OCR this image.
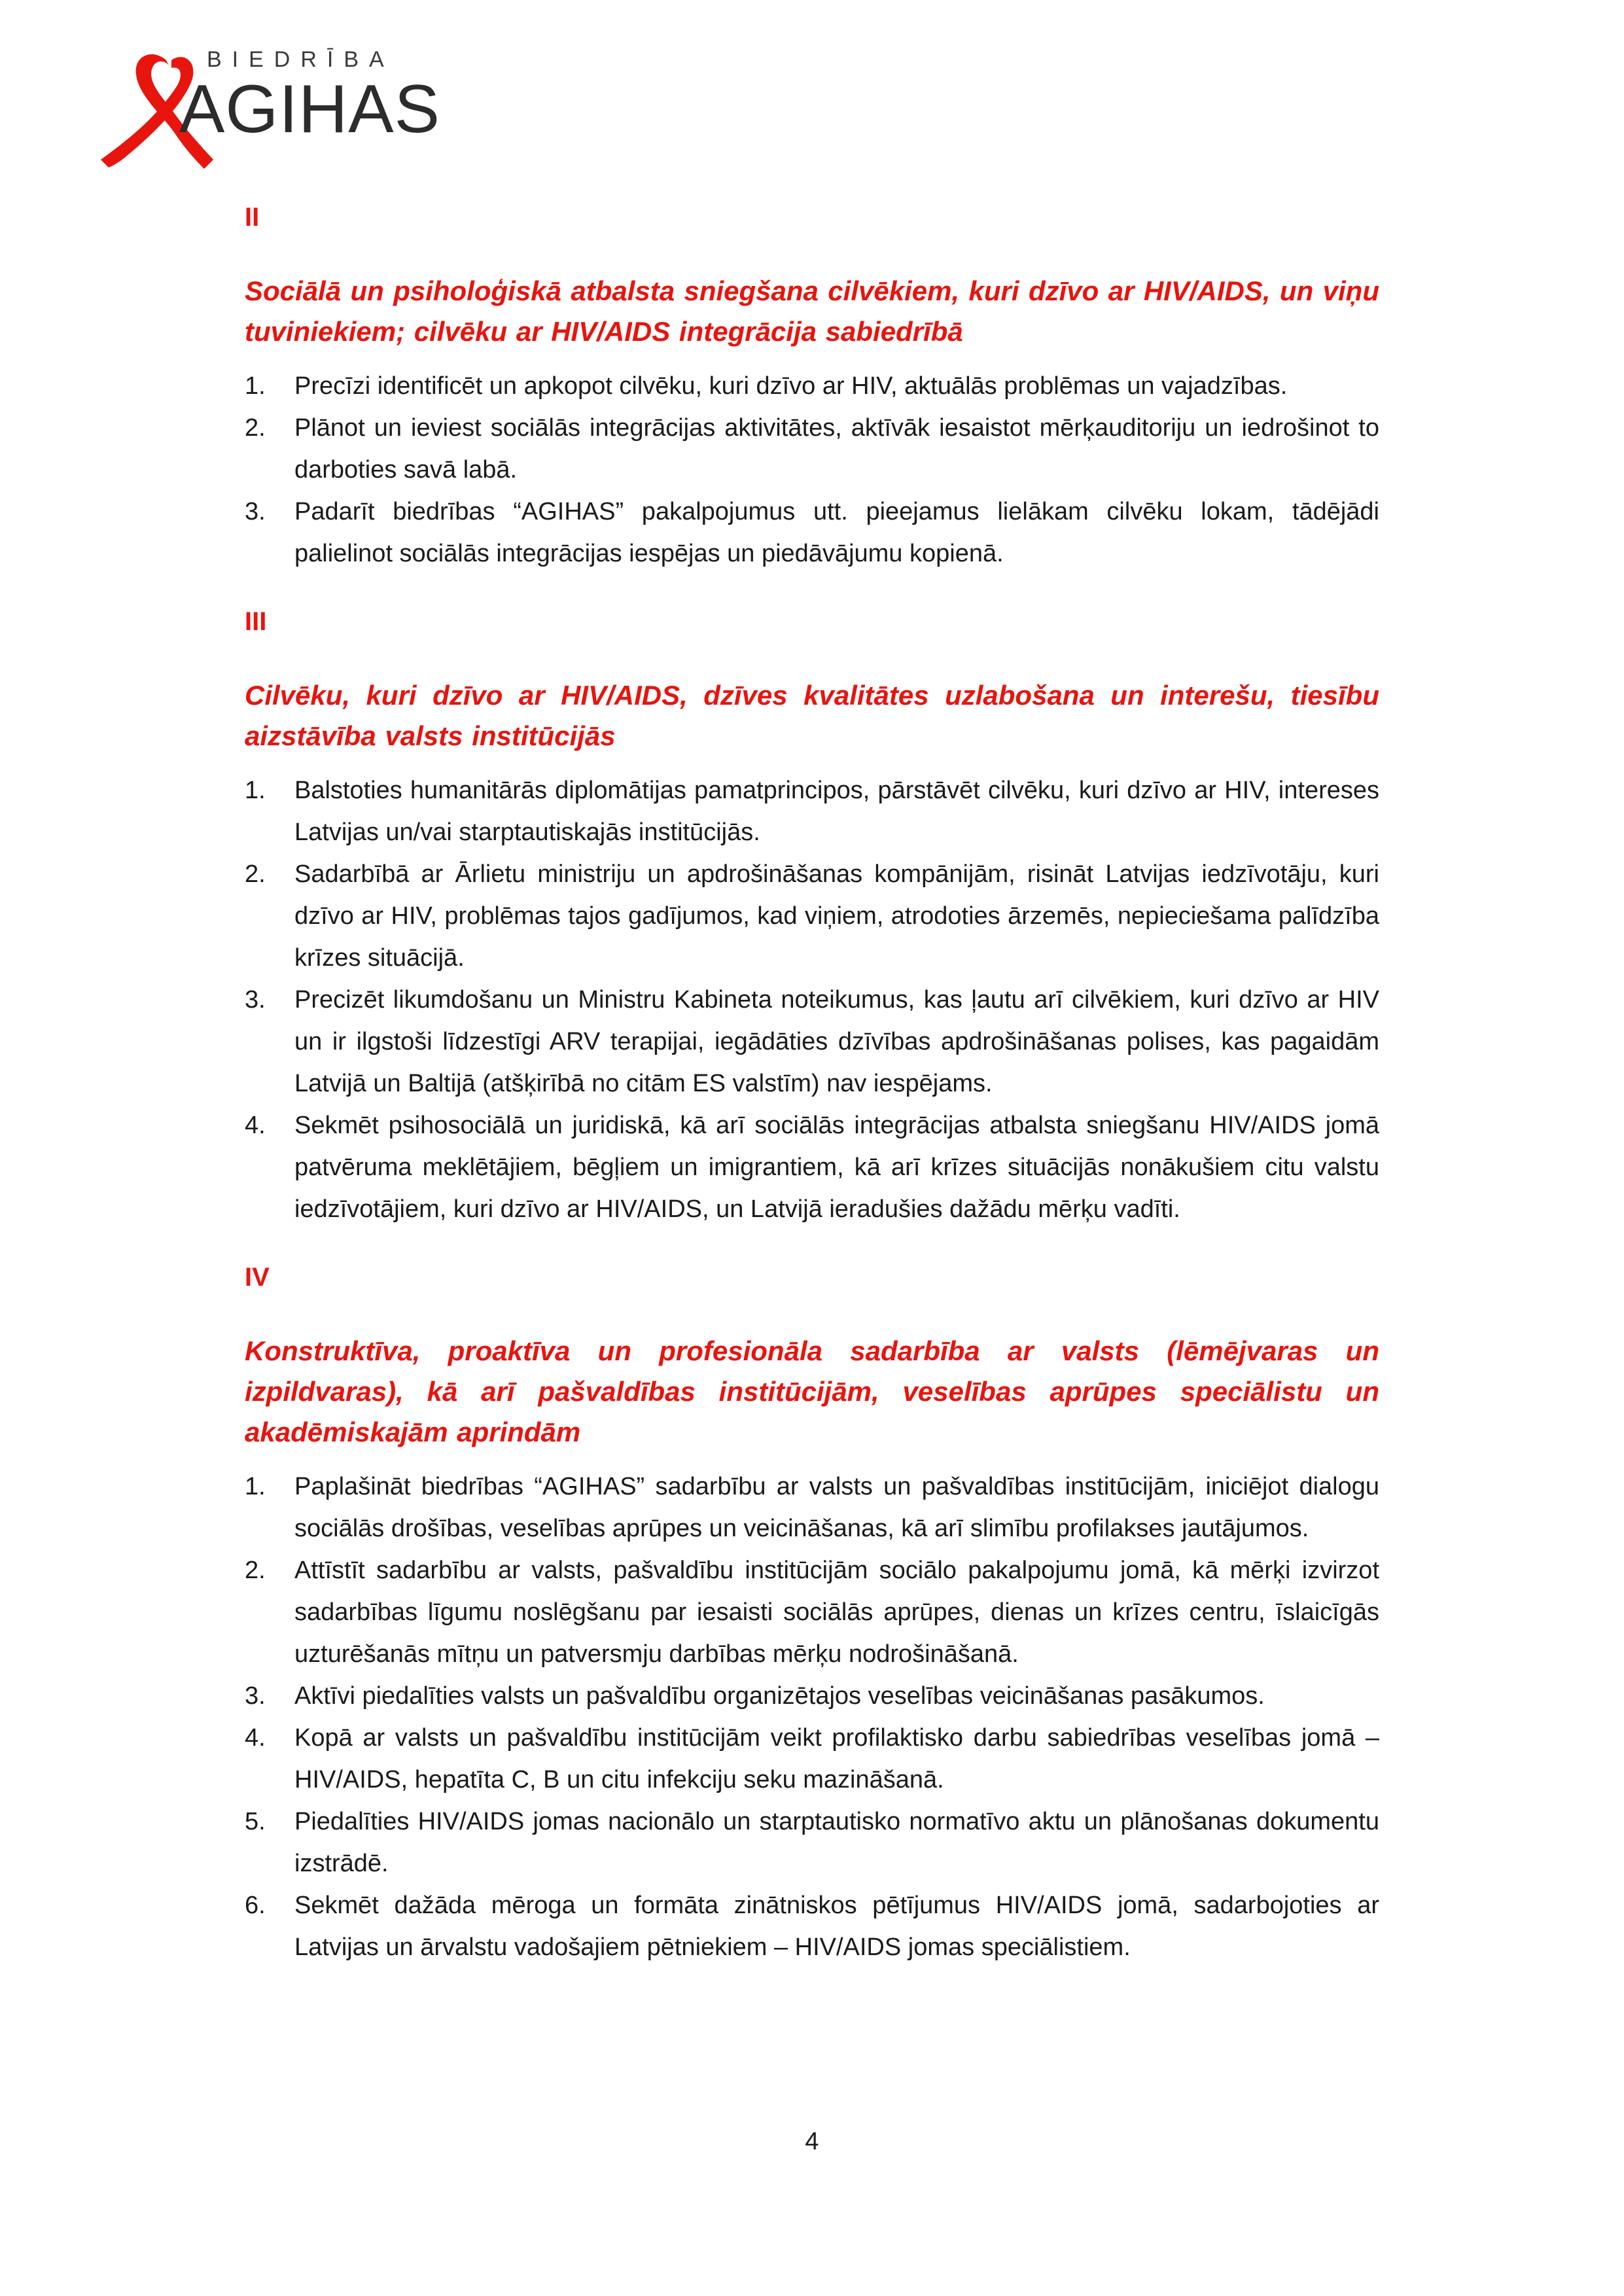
BIEDRĪBA
AGIHAS
II
Sociālā un psiholoģiskā atbalsta sniegšana cilvēkiem, kuri dzīvo ar HIV/AIDS, un viņu tuviniekiem; cilvēku ar HIV/AIDS integrācija sabiedrībā
1.	Precīzi identificēt un apkopot cilvēku, kuri dzīvo ar HIV, aktuālās problēmas un vajadzības.
2.	Plānot un ieviest sociālās integrācijas aktivitātes, aktīvāk iesaistot mērķauditoriju un iedrošinot to darboties savā labā.
3.	Padarīt biedrības “AGIHAS” pakalpojumus utt. pieejamus lielākam cilvēku lokam, tādējādi palielinot sociālās integrācijas iespējas un piedāvājumu kopienā.
III
Cilvēku, kuri dzīvo ar HIV/AIDS, dzīves kvalitātes uzlabošana un interešu, tiesību aizstāvība valsts institūcijās
1.	Balstoties humanitārās diplomātijas pamatprincipos, pārstāvēt cilvēku, kuri dzīvo ar HIV, intereses Latvijas un/vai starptautiskajās institūcijās.
2.	Sadarbībā ar Ārlietu ministriju un apdrošināšanas kompānijām, risināt Latvijas iedzīvotāju, kuri dzīvo ar HIV, problēmas tajos gadījumos, kad viņiem, atrodoties ārzemēs, nepieciešama palīdzība krīzes situācijā.
3.	Precizēt likumdošanu un Ministru Kabineta noteikumus, kas ļautu arī cilvēkiem, kuri dzīvo ar HIV un ir ilgstoši līdzestīgi ARV terapijai, iegādāties dzīvības apdrošināšanas polises, kas pagaidām Latvijā un Baltijā (atšķirībā no citām ES valstīm) nav iespējams.
4.	Sekmēt psihosociālā un juridiskā, kā arī sociālās integrācijas atbalsta sniegšanu HIV/AIDS jomā patvēruma meklētājiem, bēgļiem un imigrantiem, kā arī krīzes situācijās nonākušiem citu valstu iedzīvotājiem, kuri dzīvo ar HIV/AIDS, un Latvijā ieradušies dažādu mērķu vadīti.
IV
Konstruktīva, proaktīva un profesionāla sadarbība ar valsts (lēmējvaras un izpildvaras), kā arī pašvaldības institūcijām, veselības aprūpes speciālistu un akadēmiskajām aprindām
1.	Paplašināt biedrības “AGIHAS” sadarbību ar valsts un pašvaldības institūcijām, iniciējot dialogu sociālās drošības, veselības aprūpes un veicināšanas, kā arī slimību profilakses jautājumos.
2.	Attīstīt sadarbību ar valsts, pašvaldību institūcijām sociālo pakalpojumu jomā, kā mērķi izvirzot sadarbības līgumu noslēgšanu par iesaisti sociālās aprūpes, dienas un krīzes centru, īslaicīgās uzturēšanās mītņu un patversmju darbības mērķu nodrošināšanā.
3.	Aktīvi piedalīties valsts un pašvaldību organizētajos veselības veicināšanas pasākumos.
4.	Kopā ar valsts un pašvaldību institūcijām veikt profilaktisko darbu sabiedrības veselības jomā – HIV/AIDS, hepatīta C, B un citu infekciju seku mazināšanā.
5.	Piedalīties HIV/AIDS jomas nacionālo un starptautisko normatīvo aktu un plānošanas dokumentu izstrādē.
6.	Sekmēt dažāda mēroga un formāta zinātniskos pētījumus HIV/AIDS jomā, sadarbojoties ar Latvijas un ārvalstu vadošajiem pētniekiem – HIV/AIDS jomas speciālistiem.
4
